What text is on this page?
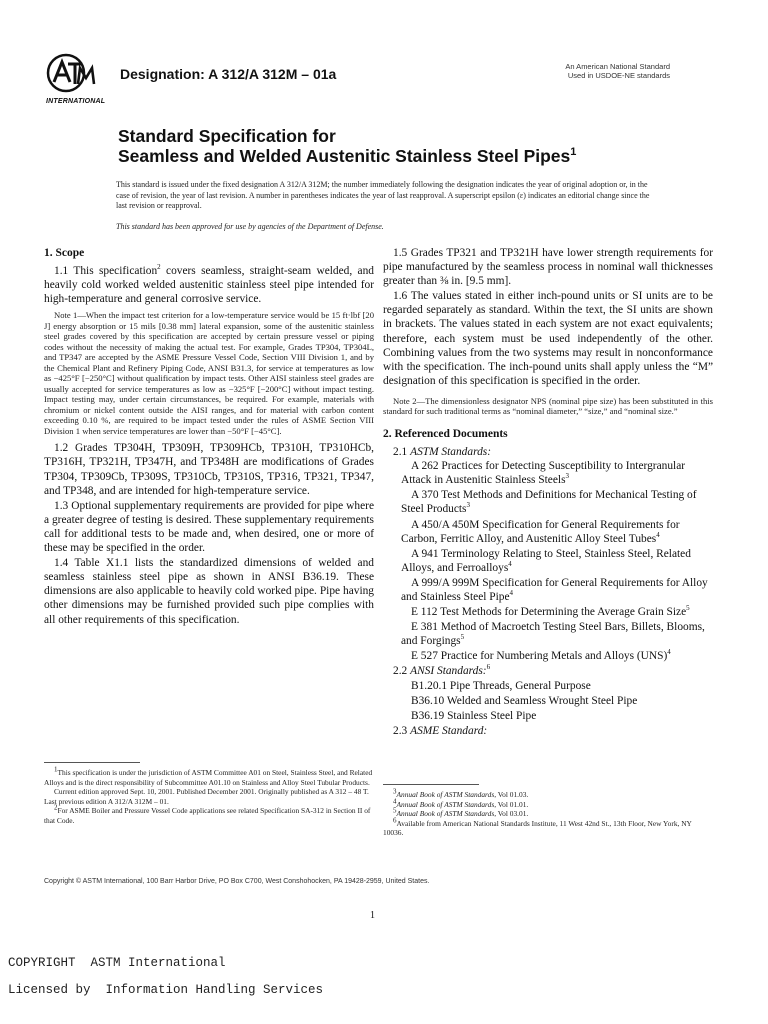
INTERNATIONAL
Designation: A 312/A 312M – 01a	An American National Standard
Used in USDOE-NE standards
Standard Specification for
Seamless and Welded Austenitic Stainless Steel Pipes$^1$
This standard is issued under the fixed designation A 312/A 312M; the number immediately following the designation indicates the year of original adoption or, in the case of revision, the year of last revision. A number in parentheses indicates the year of last reapproval. A superscript epsilon (ε) indicates an editorial change since the last revision or reapproval.
This standard has been approved for use by agencies of the Department of Defense.
1. Scope

1.1 This specification$^2$ covers seamless, straight-seam welded, and heavily cold worked welded austenitic stainless steel pipe intended for high-temperature and general corrosive service.

Note 1—When the impact test criterion for a low-temperature service would be 15 ft·lbf [20 J] energy absorption or 15 mils [0.38 mm] lateral expansion, some of the austenitic stainless steel grades covered by this specification are accepted by certain pressure vessel or piping codes without the necessity of making the actual test. For example, Grades TP304, TP304L, and TP347 are accepted by the ASME Pressure Vessel Code, Section VIII Division 1, and by the Chemical Plant and Refinery Piping Code, ANSI B31.3, for service at temperatures as low as −425°F [−250°C] without qualification by impact tests. Other AISI stainless steel grades are usually accepted for service temperatures as low as −325°F [−200°C] without impact testing. Impact testing may, under certain circumstances, be required. For example, materials with chromium or nickel content outside the AISI ranges, and for material with carbon content exceeding 0.10 %, are required to be impact tested under the rules of ASME Section VIII Division 1 when service temperatures are lower than −50°F [−45°C].

1.2 Grades TP304H, TP309H, TP309HCb, TP310H, TP310HCb, TP316H, TP321H, TP347H, and TP348H are modifications of Grades TP304, TP309Cb, TP309S, TP310Cb, TP310S, TP316, TP321, TP347, and TP348, and are intended for high-temperature service.

1.3 Optional supplementary requirements are provided for pipe where a greater degree of testing is desired. These supplementary requirements call for additional tests to be made and, when desired, one or more of these may be specified in the order.

1.4 Table X1.1 lists the standardized dimensions of welded and seamless stainless steel pipe as shown in ANSI B36.19. These dimensions are also applicable to heavily cold worked pipe. Pipe having other dimensions may be furnished provided such pipe complies with all other requirements of this specification.

1.5 Grades TP321 and TP321H have lower strength requirements for pipe manufactured by the seamless process in nominal wall thicknesses greater than ⅜ in. [9.5 mm].

1.6 The values stated in either inch-pound units or SI units are to be regarded separately as standard. Within the text, the SI units are shown in brackets. The values stated in each system are not exact equivalents; therefore, each system must be used independently of the other. Combining values from the two systems may result in nonconformance with the specification. The inch-pound units shall apply unless the “M” designation of this specification is specified in the order.

Note 2—The dimensionless designator NPS (nominal pipe size) has been substituted in this standard for such traditional terms as “nominal diameter,” “size,” and “nominal size.”
2. Referenced Documents
2.1 ASTM Standards:

A 262 Practices for Detecting Susceptibility to Intergranular Attack in Austenitic Stainless Steels$^3$

A 370 Test Methods and Definitions for Mechanical Testing of Steel Products$^3$

A 450/A 450M Specification for General Requirements for Carbon, Ferritic Alloy, and Austenitic Alloy Steel Tubes$^4$

A 941 Terminology Relating to Steel, Stainless Steel, Related Alloys, and Ferroalloys$^4$

A 999/A 999M Specification for General Requirements for Alloy and Stainless Steel Pipe$^4$

E 112 Test Methods for Determining the Average Grain Size$^5$

E 381 Method of Macroetch Testing Steel Bars, Billets, Blooms, and Forgings$^5$

E 527 Practice for Numbering Metals and Alloys (UNS)$^4$

2.2 ANSI Standards:$^6$

B1.20.1 Pipe Threads, General Purpose

B36.10 Welded and Seamless Wrought Steel Pipe

B36.19 Stainless Steel Pipe

2.3 ASME Standard:

$^1$This specification is under the jurisdiction of ASTM Committee A01 on Steel, Stainless Steel, and Related Alloys and is the direct responsibility of Subcommittee A01.10 on Stainless and Alloy Steel Tubular Products.

Current edition approved Sept. 10, 2001. Published December 2001. Originally published as A 312 – 48 T. Last previous edition A 312/A 312M – 01.

$^2$For ASME Boiler and Pressure Vessel Code applications see related Specification SA-312 in Section II of that Code.

$^3$Annual Book of ASTM Standards, Vol 01.03.

$^4$Annual Book of ASTM Standards, Vol 01.01.

$^5$Annual Book of ASTM Standards, Vol 03.01.

$^6$Available from American National Standards Institute, 11 West 42nd St., 13th Floor, New York, NY 10036.

Copyright © ASTM International, 100 Barr Harbor Drive, PO Box C700, West Conshohocken, PA 19428-2959, United States.
1
COPYRIGHT  ASTM International
Licensed by  Information Handling Services
